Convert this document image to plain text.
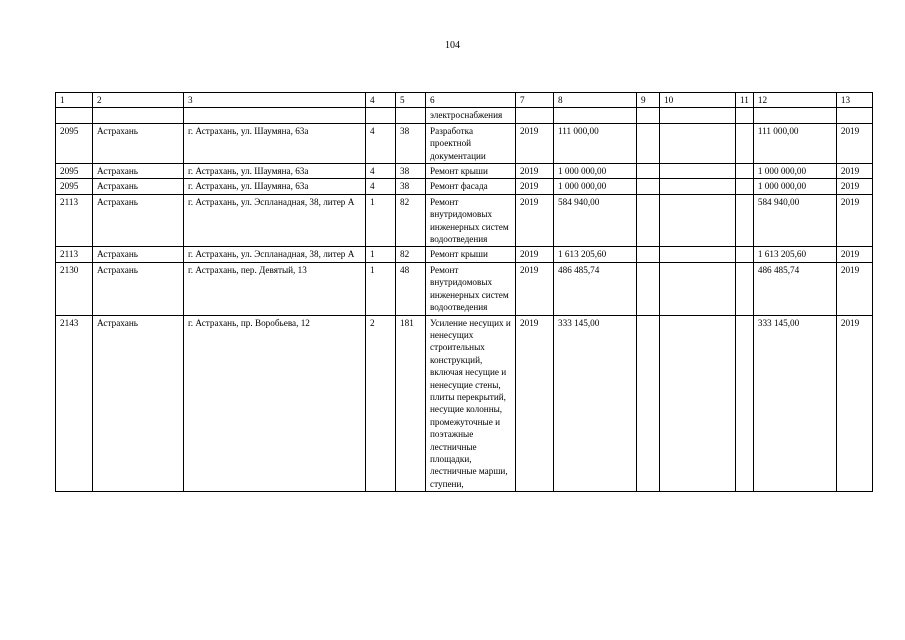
104
1	2	3	4	5	6	7	8	9	10	11	12	13
					электроснабжения							
2095	Астрахань	г. Астрахань, ул. Шаумяна, 63а	4	38	Разработка проектной документации	2019	111 000,00				111 000,00	2019
2095	Астрахань	г. Астрахань, ул. Шаумяна, 63а	4	38	Ремонт крыши	2019	1 000 000,00				1 000 000,00	2019
2095	Астрахань	г. Астрахань, ул. Шаумяна, 63а	4	38	Ремонт фасада	2019	1 000 000,00				1 000 000,00	2019
2113	Астрахань	г. Астрахань, ул. Эспланадная, 38, литер А	1	82	Ремонт внутридомовых инженерных систем водоотведения	2019	584 940,00				584 940,00	2019
2113	Астрахань	г. Астрахань, ул. Эспланадная, 38, литер А	1	82	Ремонт крыши	2019	1 613 205,60				1 613 205,60	2019
2130	Астрахань	г. Астрахань, пер. Девятый, 13	1	48	Ремонт внутридомовых инженерных систем водоотведения	2019	486 485,74				486 485,74	2019
2143	Астрахань	г. Астрахань, пр. Воробьева, 12	2	181	Усиление несущих и ненесущих строительных конструкций, включая несущие и ненесущие стены, плиты перекрытий, несущие колонны, промежуточные и поэтажные лестничные площадки, лестничные марши, ступени,	2019	333 145,00				333 145,00	2019
